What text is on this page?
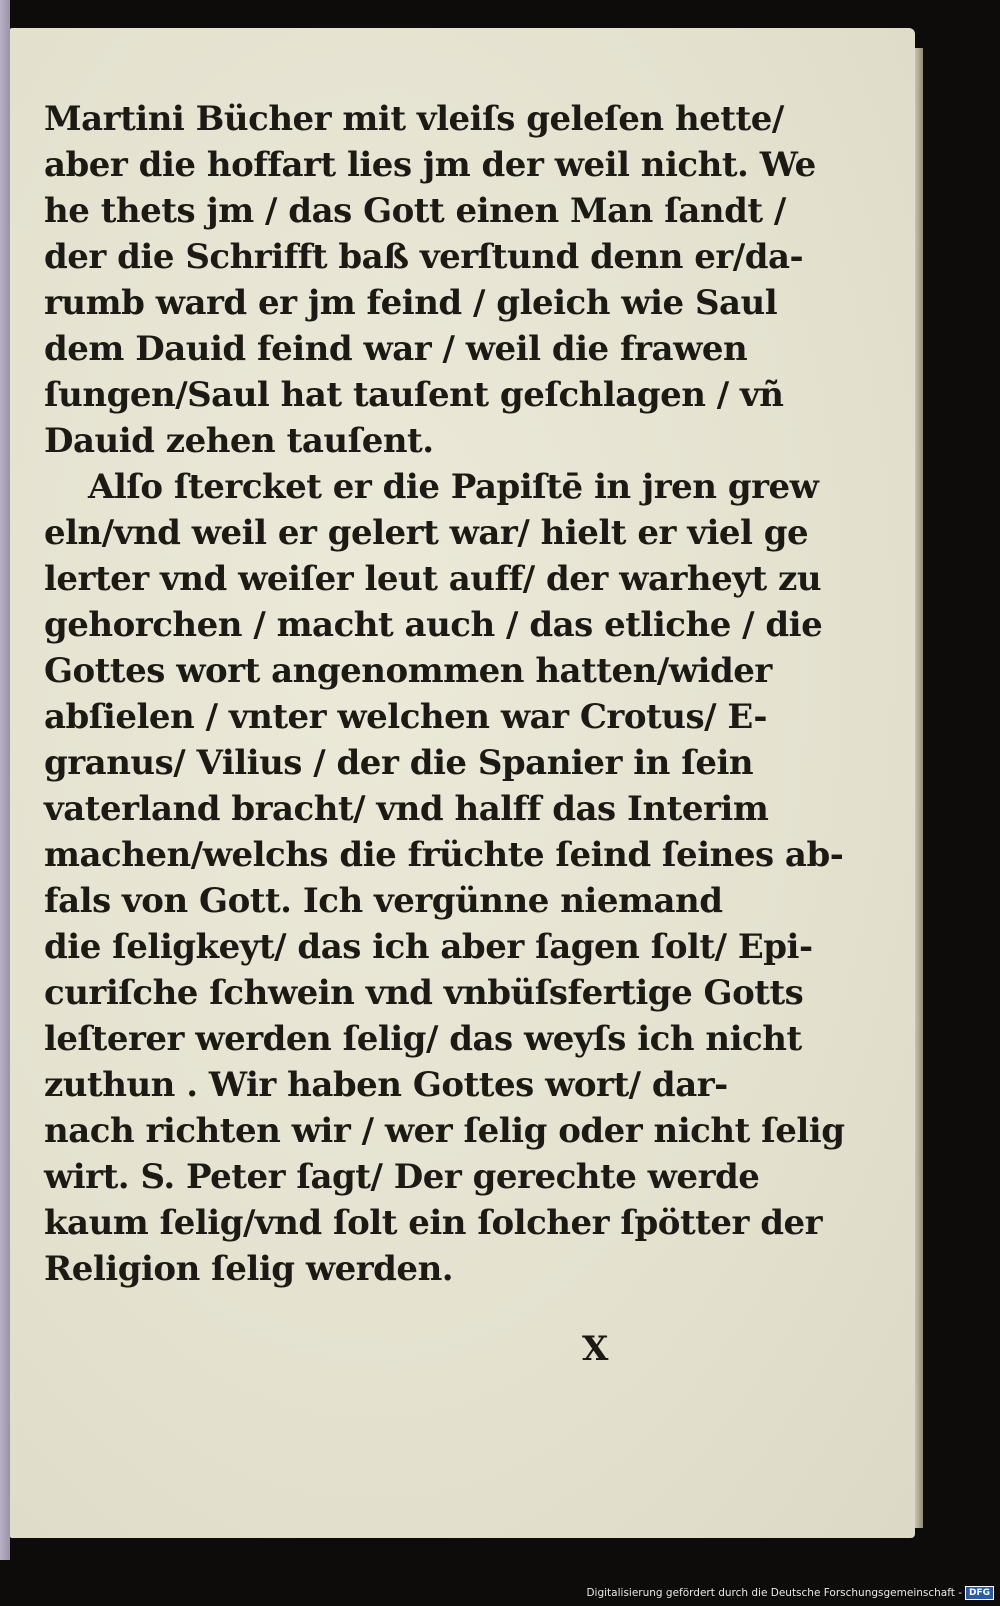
Martini Bücher mit vleiſs geleſen hette/
aber die hoffart lies jm der weil nicht. We
he thets jm / das Gott einen Man ſandt /
der die Schrifft baß verſtund denn er/da-
rumb ward er jm feind / gleich wie Saul
dem Dauid feind war / weil die frawen
ſungen/Saul hat tauſent geſchlagen / vñ
Dauid zehen tauſent.
Alſo ſtercket er die Papiſtē in jren grew
eln/vnd weil er gelert war/ hielt er viel ge
lerter vnd weiſer leut auff/ der warheyt zu
gehorchen / macht auch / das etliche / die
Gottes wort angenommen hatten/wider
abſielen / vnter welchen war Crotus/ E-
granus/ Vilius / der die Spanier in ſein
vaterland bracht/ vnd halff das Interim
machen/welchs die früchte ſeind ſeines ab-
fals von Gott. Ich vergünne niemand
die ſeligkeyt/ das ich aber ſagen ſolt/ Epi-
curiſche ſchwein vnd vnbüſsfertige Gotts
leſterer werden ſelig/ das weyſs ich nicht
zuthun . Wir haben Gottes wort/ dar-
nach richten wir / wer ſelig oder nicht ſelig
wirt. S. Peter ſagt/ Der gerechte werde
kaum ſelig/vnd ſolt ein ſolcher ſpötter der
Religion ſelig werden.
X
Digitalisierung gefördert durch die Deutsche Forschungsgemeinschaft - DFG
